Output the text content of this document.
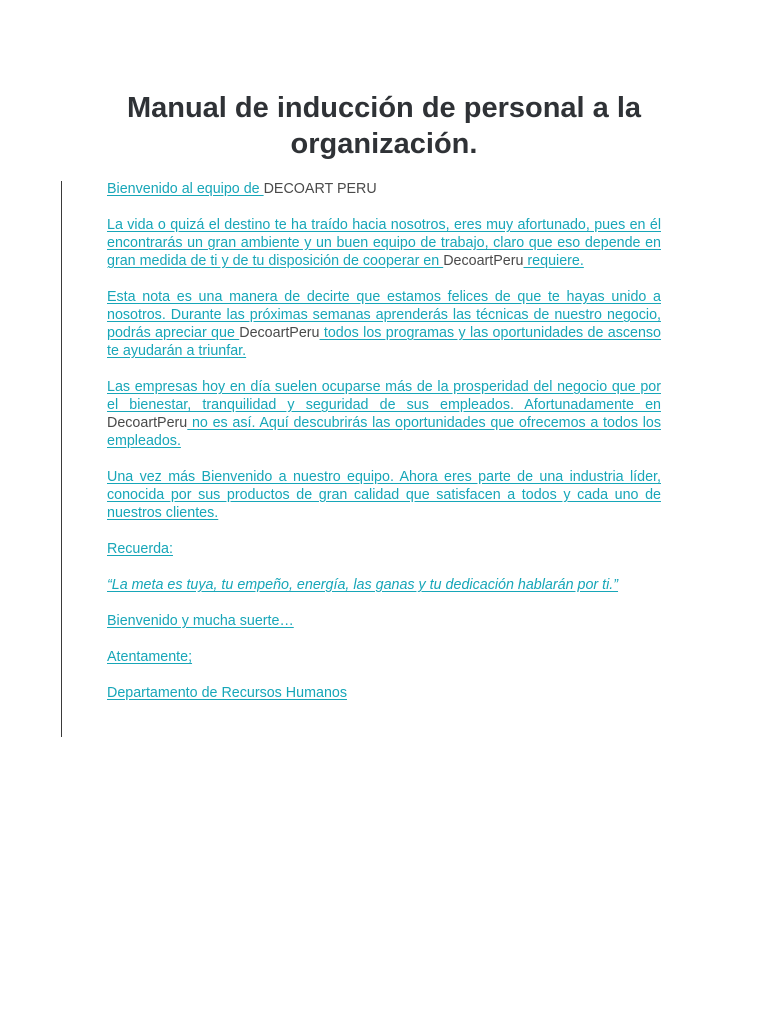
Manual de inducción de personal a la
organización.

Bienvenido al equipo de DECOART PERU

La vida o quizá el destino te ha traído hacia nosotros, eres muy afortunado, pues en él encontrarás un gran ambiente y un buen equipo de trabajo, claro que eso depende en gran medida de ti y de tu disposición de cooperar en DecoartPeru requiere.

Esta nota es una manera de decirte que estamos felices de que te hayas unido a nosotros. Durante las próximas semanas aprenderás las técnicas de nuestro negocio, podrás apreciar que DecoartPeru todos los programas y las oportunidades de ascenso te ayudarán a triunfar.

Las empresas hoy en día suelen ocuparse más de la prosperidad del negocio que por el bienestar, tranquilidad y seguridad de sus empleados. Afortunadamente en DecoartPeru no es así. Aquí descubrirás las oportunidades que ofrecemos a todos los empleados.

Una vez más Bienvenido a nuestro equipo. Ahora eres parte de una industria líder, conocida por sus productos de gran calidad que satisfacen a todos y cada uno de nuestros clientes.

Recuerda:

“La meta es tuya, tu empeño, energía, las ganas y tu dedicación hablarán por ti.”

Bienvenido y mucha suerte…

Atentamente;

Departamento de Recursos Humanos
